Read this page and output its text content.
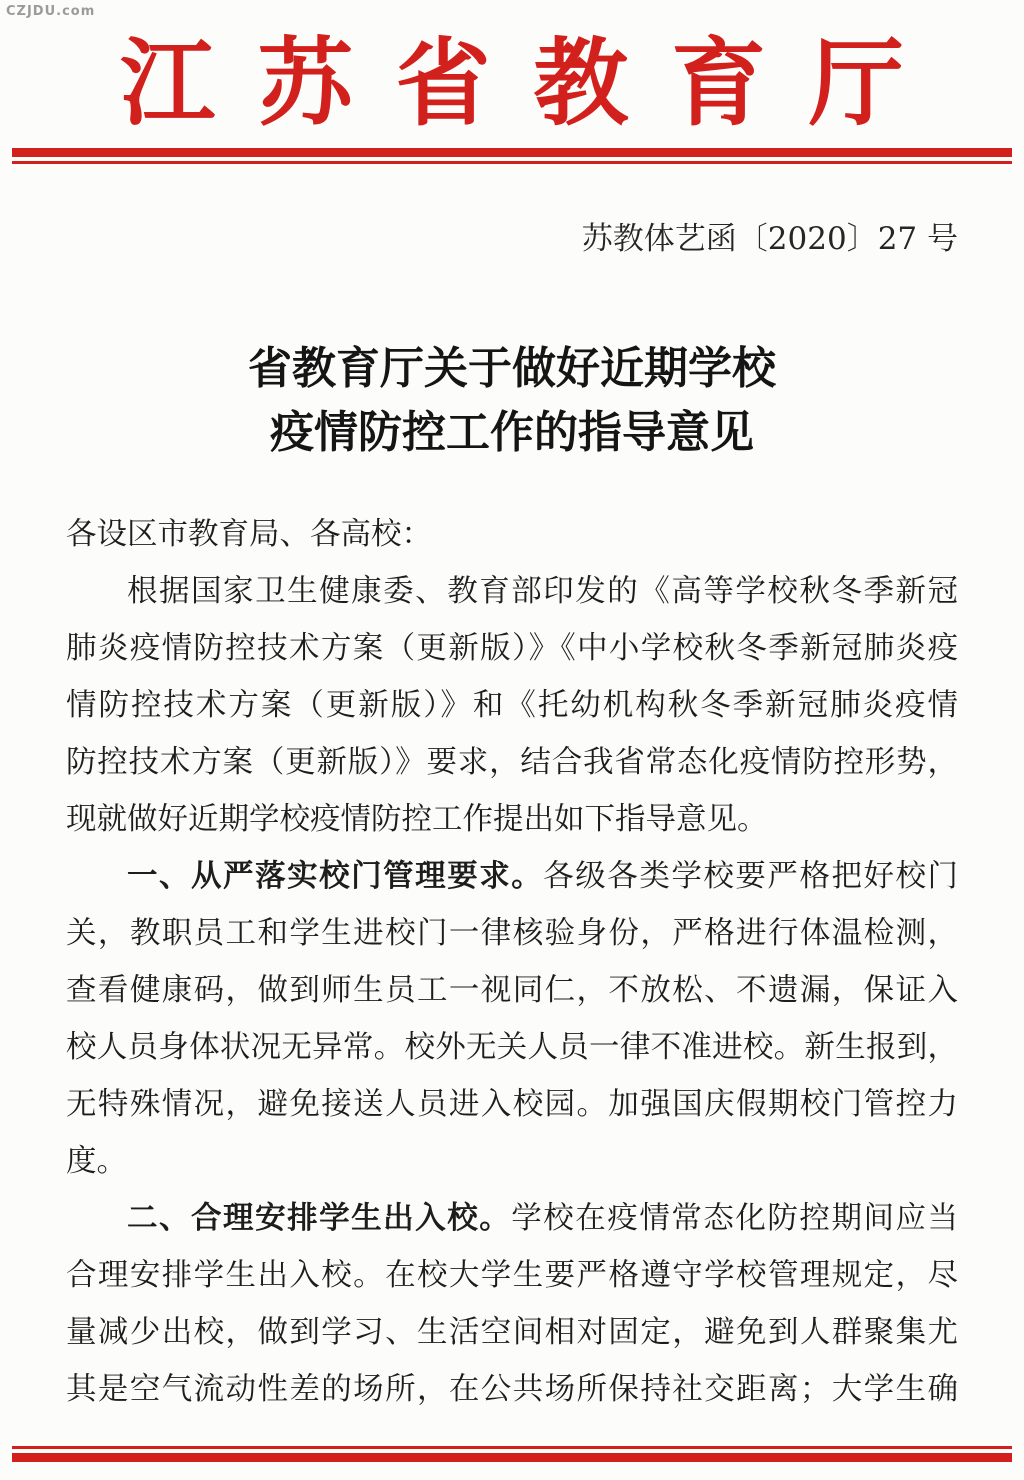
CZJDU.com
江苏省教育厅
苏教体艺函〔2020〕27 号
省教育厅关于做好近期学校
疫情防控工作的指导意见
各设区市教育局、各高校：
根据国家卫生健康委、教育部印发的《高等学校秋冬季新冠
肺炎疫情防控技术方案（更新版）》《中小学校秋冬季新冠肺炎疫
情防控技术方案（更新版）》和《托幼机构秋冬季新冠肺炎疫情
防控技术方案（更新版）》要求，结合我省常态化疫情防控形势，
现就做好近期学校疫情防控工作提出如下指导意见。
一、从严落实校门管理要求。各级各类学校要严格把好校门
关，教职员工和学生进校门一律核验身份，严格进行体温检测，
查看健康码，做到师生员工一视同仁，不放松、不遗漏，保证入
校人员身体状况无异常。校外无关人员一律不准进校。新生报到，
无特殊情况，避免接送人员进入校园。加强国庆假期校门管控力
度。
二、合理安排学生出入校。学校在疫情常态化防控期间应当
合理安排学生出入校。在校大学生要严格遵守学校管理规定，尽
量减少出校，做到学习、生活空间相对固定，避免到人群聚集尤
其是空气流动性差的场所，在公共场所保持社交距离；大学生确
